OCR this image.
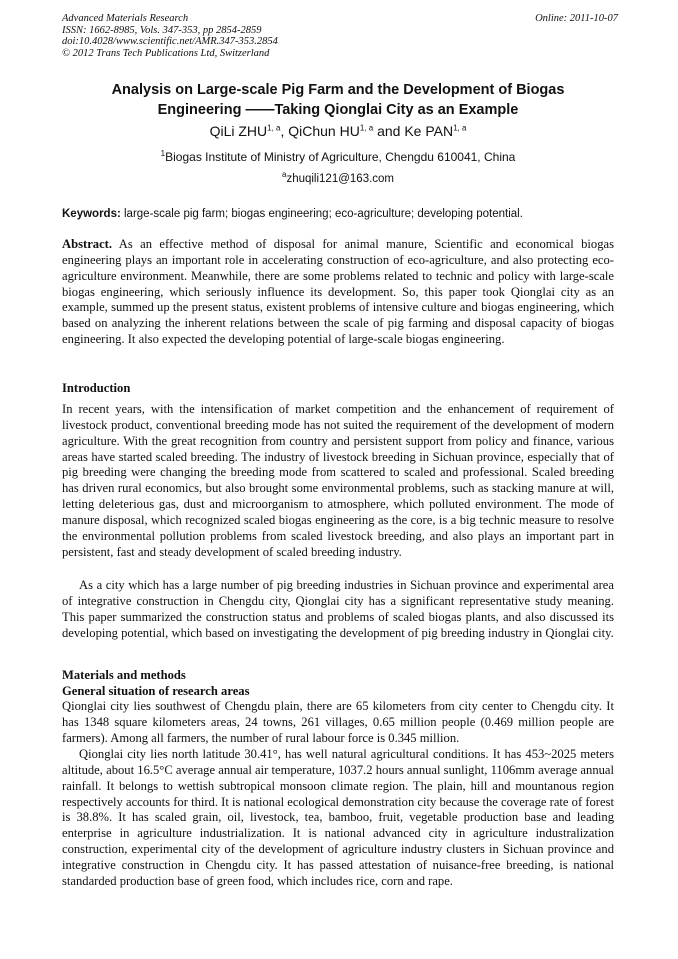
Advanced Materials Research
ISSN: 1662-8985, Vols. 347-353, pp 2854-2859
doi:10.4028/www.scientific.net/AMR.347-353.2854
© 2012 Trans Tech Publications Ltd, Switzerland
Online: 2011-10-07
Analysis on Large-scale Pig Farm and the Development of Biogas
Engineering ——Taking Qionglai City as an Example
QiLi ZHU$^{1, a}$, QiChun HU$^{1, a}$ and Ke PAN$^{1, a}$
$^1$Biogas Institute of Ministry of Agriculture, Chengdu 610041, China
$^a$zhuqili121@163.com
Keywords: large-scale pig farm; biogas engineering; eco-agriculture; developing potential.

Abstract. As an effective method of disposal for animal manure, Scientific and economical biogas engineering plays an important role in accelerating construction of eco-agriculture, and also protecting eco-agriculture environment. Meanwhile, there are some problems related to technic and policy with large-scale biogas engineering, which seriously influence its development. So, this paper took Qionglai city as an example, summed up the present status, existent problems of intensive culture and biogas engineering, which based on analyzing the inherent relations between the scale of pig farming and disposal capacity of biogas engineering. It also expected the developing potential of large-scale biogas engineering.

Introduction

In recent years, with the intensification of market competition and the enhancement of requirement of livestock product, conventional breeding mode has not suited the requirement of the development of modern agriculture. With the great recognition from country and persistent support from policy and finance, various areas have started scaled breeding. The industry of livestock breeding in Sichuan province, especially that of pig breeding were changing the breeding mode from scattered to scaled and professional. Scaled breeding has driven rural economics, but also brought some environmental problems, such as stacking manure at will, letting deleterious gas, dust and microorganism to atmosphere, which polluted environment. The mode of manure disposal, which recognized scaled biogas engineering as the core, is a big technic measure to resolve the environmental pollution problems from scaled livestock breeding, and also plays an important part in persistent, fast and steady development of scaled breeding industry.

As a city which has a large number of pig breeding industries in Sichuan province and experimental area of integrative construction in Chengdu city, Qionglai city has a significant representative study meaning. This paper summarized the construction status and problems of scaled biogas plants, and also discussed its developing potential, which based on investigating the development of pig breeding industry in Qionglai city.

Materials and methods
General situation of research areas

Qionglai city lies southwest of Chengdu plain, there are 65 kilometers from city center to Chengdu city. It has 1348 square kilometers areas, 24 towns, 261 villages, 0.65 million people (0.469 million people are farmers). Among all farmers, the number of rural labour force is 0.345 million.

Qionglai city lies north latitude 30.41°, has well natural agricultural conditions. It has 453~2025 meters altitude, about 16.5°C average annual air temperature, 1037.2 hours annual sunlight, 1106mm average annual rainfall. It belongs to wettish subtropical monsoon climate region. The plain, hill and mountanous region respectively accounts for third. It is national ecological demonstration city because the coverage rate of forest is 38.8%. It has scaled grain, oil, livestock, tea, bamboo, fruit, vegetable production base and leading enterprise in agriculture industrialization. It is national advanced city in agriculture industralization construction, experimental city of the development of agriculture industry clusters in Sichuan province and integrative construction in Chengdu city. It has passed attestation of nuisance-free breeding, is national standarded production base of green food, which includes rice, corn and rape.
